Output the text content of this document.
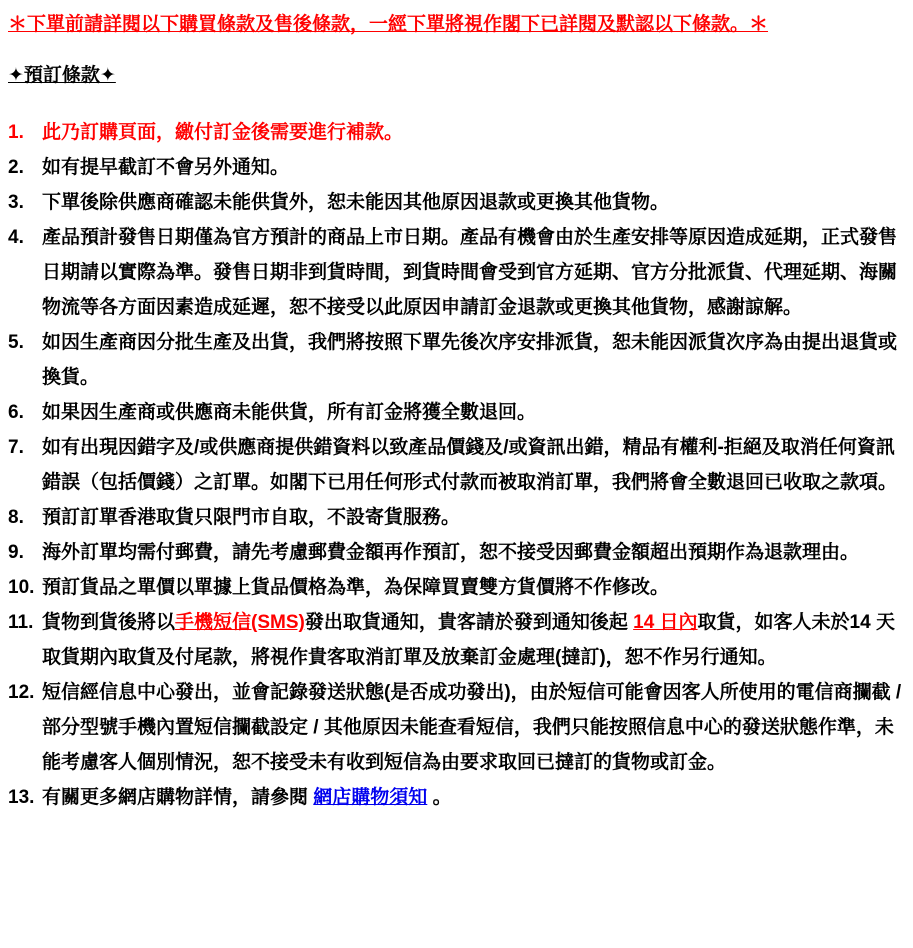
＊下單前請詳閱以下購買條款及售後條款，一經下單將視作閣下已詳閱及默認以下條款。＊
✦預訂條款✦
1. 此乃訂購頁面，繳付訂金後需要進行補款。
2. 如有提早截訂不會另外通知。
3. 下單後除供應商確認未能供貨外，恕未能因其他原因退款或更換其他貨物。
4. 產品預計發售日期僅為官方預計的商品上市日期。產品有機會由於生產安排等原因造成延期，正式發售日期請以實際為準。發售日期非到貨時間，到貨時間會受到官方延期、官方分批派貨、代理延期、海關物流等各方面因素造成延遲，恕不接受以此原因申請訂金退款或更換其他貨物，感謝諒解。
5. 如因生產商因分批生產及出貨，我們將按照下單先後次序安排派貨，恕未能因派貨次序為由提出退貨或換貨。
6. 如果因生產商或供應商未能供貨，所有訂金將獲全數退回。
7. 如有出現因錯字及/或供應商提供錯資料以致產品價錢及/或資訊出錯，精品有權利-拒絕及取消任何資訊錯誤（包括價錢）之訂單。如閣下已用任何形式付款而被取消訂單，我們將會全數退回已收取之款項。
8. 預訂訂單香港取貨只限門市自取，不設寄貨服務。
9. 海外訂單均需付郵費，請先考慮郵費金額再作預訂，恕不接受因郵費金額超出預期作為退款理由。
10. 預訂貨品之單價以單據上貨品價格為準，為保障買賣雙方貨價將不作修改。
11. 貨物到貨後將以手機短信(SMS)發出取貨通知，貴客請於發到通知後起 14 日內取貨，如客人未於14 天取貨期內取貨及付尾款，將視作貴客取消訂單及放棄訂金處理(撻訂)，恕不作另行通知。
12. 短信經信息中心發出，並會記錄發送狀態(是否成功發出)，由於短信可能會因客人所使用的電信商攔截 / 部分型號手機內置短信攔截設定 / 其他原因未能查看短信，我們只能按照信息中心的發送狀態作準，未能考慮客人個別情況，恕不接受未有收到短信為由要求取回已撻訂的貨物或訂金。
13. 有關更多網店購物詳情，請參閱 網店購物須知 。
